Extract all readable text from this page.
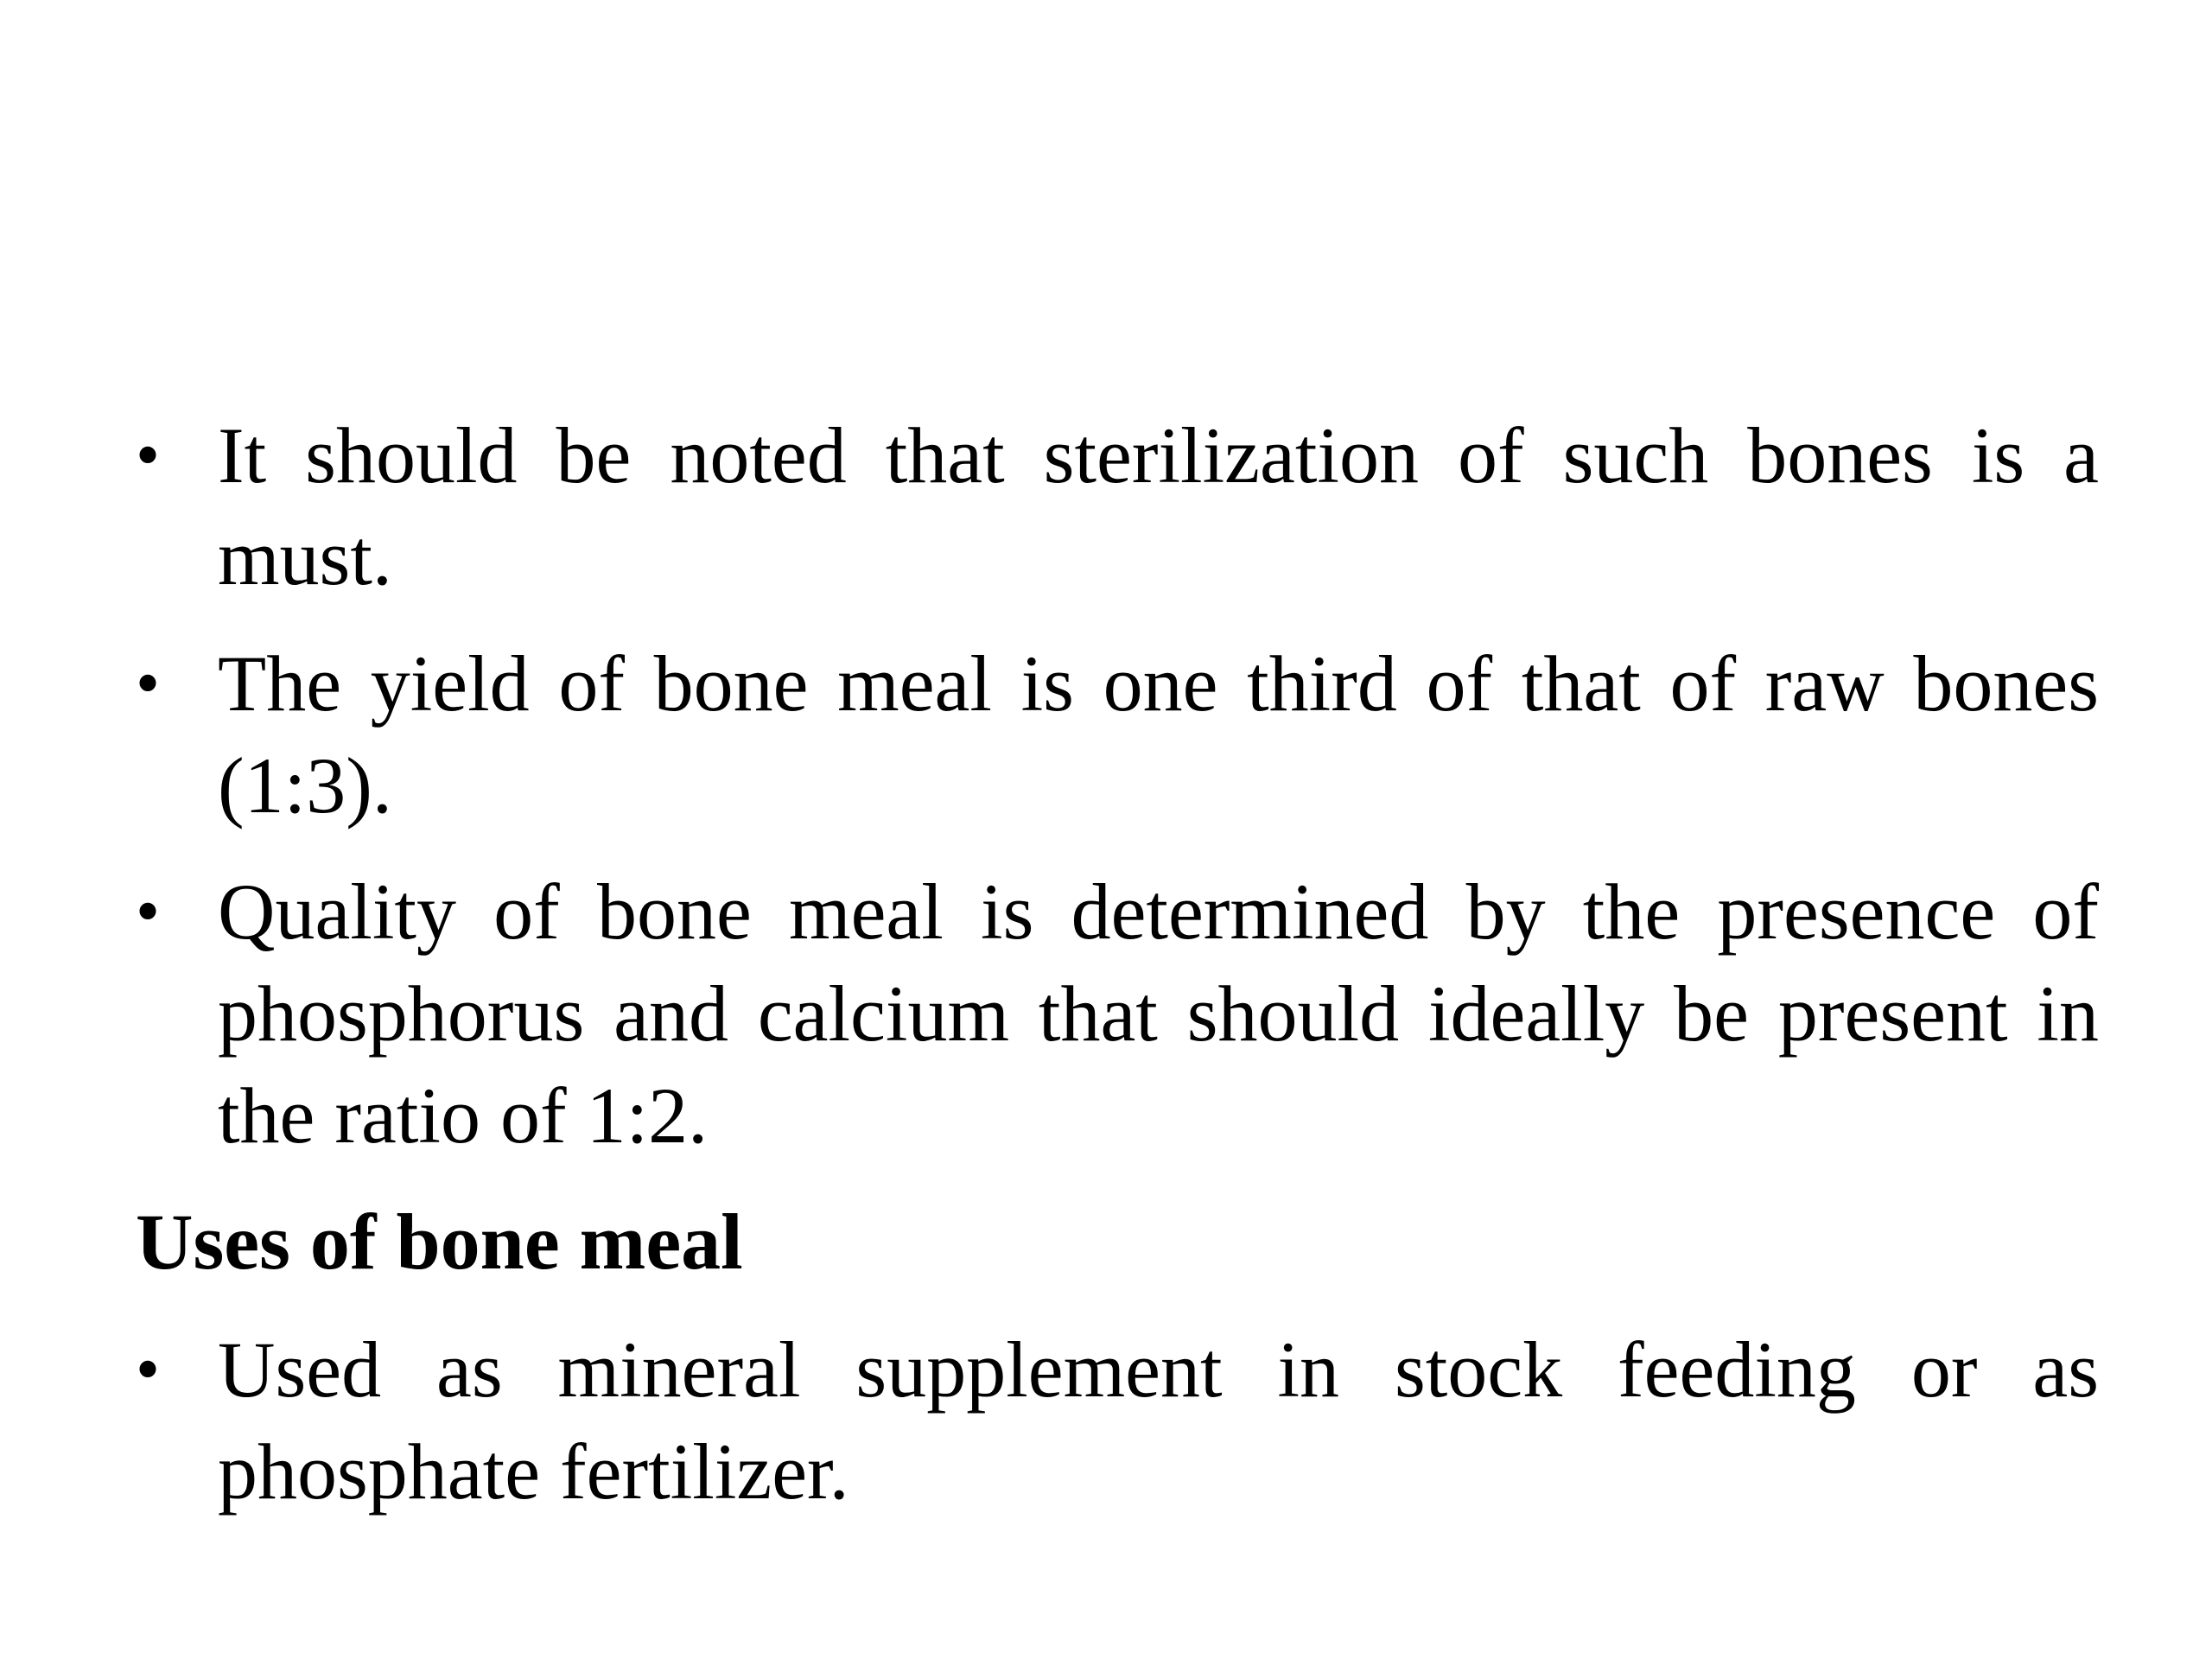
• It should be noted that sterilization of such bones is a must.
• The yield of bone meal is one third of that of raw bones (1:3).
• Quality of bone meal is determined by the presence of phosphorus and calcium that should ideally be present in the ratio of 1:2.
Uses of bone meal
• Used as mineral supplement in stock feeding or as phosphate fertilizer.
